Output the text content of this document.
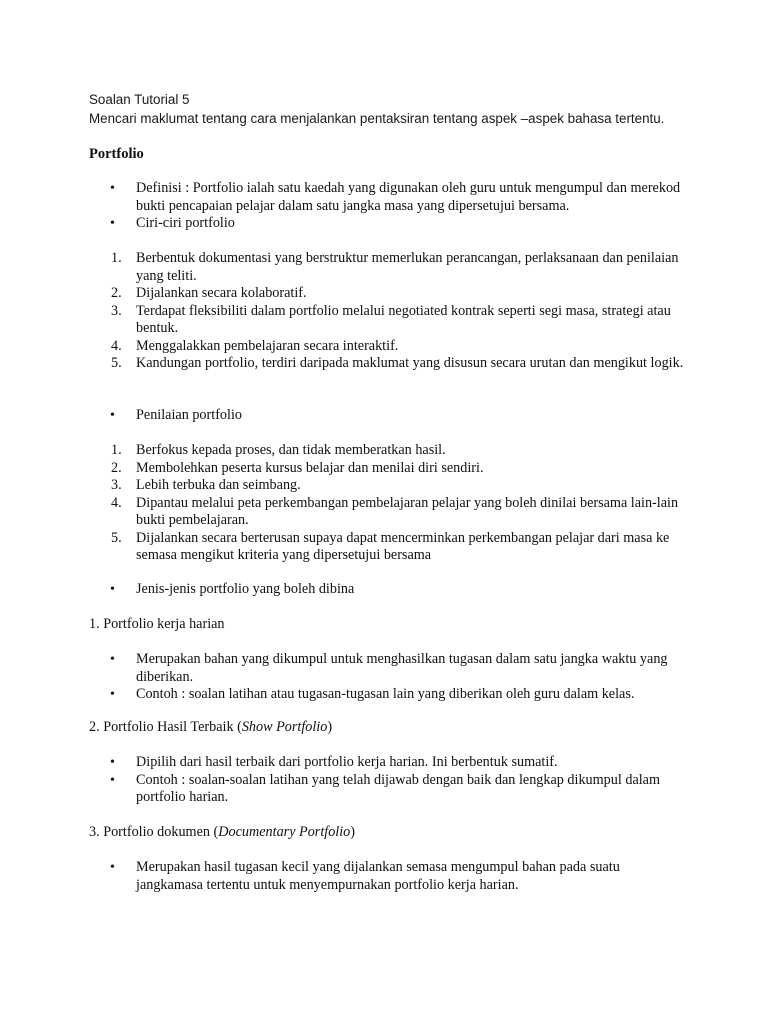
Soalan Tutorial 5
Mencari maklumat tentang cara menjalankan pentaksiran tentang aspek –aspek bahasa tertentu.
Portfolio
• Definisi : Portfolio ialah satu kaedah yang digunakan oleh guru untuk mengumpul dan merekod bukti pencapaian pelajar dalam satu jangka masa yang dipersetujui bersama.
• Ciri-ciri portfolio
1. Berbentuk dokumentasi yang berstruktur memerlukan perancangan, perlaksanaan dan penilaian yang teliti.
2. Dijalankan secara kolaboratif.
3. Terdapat fleksibiliti dalam portfolio melalui negotiated kontrak seperti segi masa, strategi atau bentuk.
4. Menggalakkan pembelajaran secara interaktif.
5. Kandungan portfolio, terdiri daripada maklumat yang disusun secara urutan dan mengikut logik.
• Penilaian portfolio
1. Berfokus kepada proses, dan tidak memberatkan hasil.
2. Membolehkan peserta kursus belajar dan menilai diri sendiri.
3. Lebih terbuka dan seimbang.
4. Dipantau melalui peta perkembangan pembelajaran pelajar yang boleh dinilai bersama lain-lain bukti pembelajaran.
5. Dijalankan secara berterusan supaya dapat mencerminkan perkembangan pelajar dari masa ke semasa mengikut kriteria yang dipersetujui bersama
• Jenis-jenis portfolio yang boleh dibina
1. Portfolio kerja harian
• Merupakan bahan yang dikumpul untuk menghasilkan tugasan dalam satu jangka waktu yang diberikan.
• Contoh : soalan latihan atau tugasan-tugasan lain yang diberikan oleh guru dalam kelas.
2. Portfolio Hasil Terbaik (Show Portfolio)
• Dipilih dari hasil terbaik dari portfolio kerja harian. Ini berbentuk sumatif.
• Contoh : soalan-soalan latihan yang telah dijawab dengan baik dan lengkap dikumpul dalam portfolio harian.
3. Portfolio dokumen (Documentary Portfolio)
• Merupakan hasil tugasan kecil yang dijalankan semasa mengumpul bahan pada suatu jangkamasa tertentu untuk menyempurnakan portfolio kerja harian.
